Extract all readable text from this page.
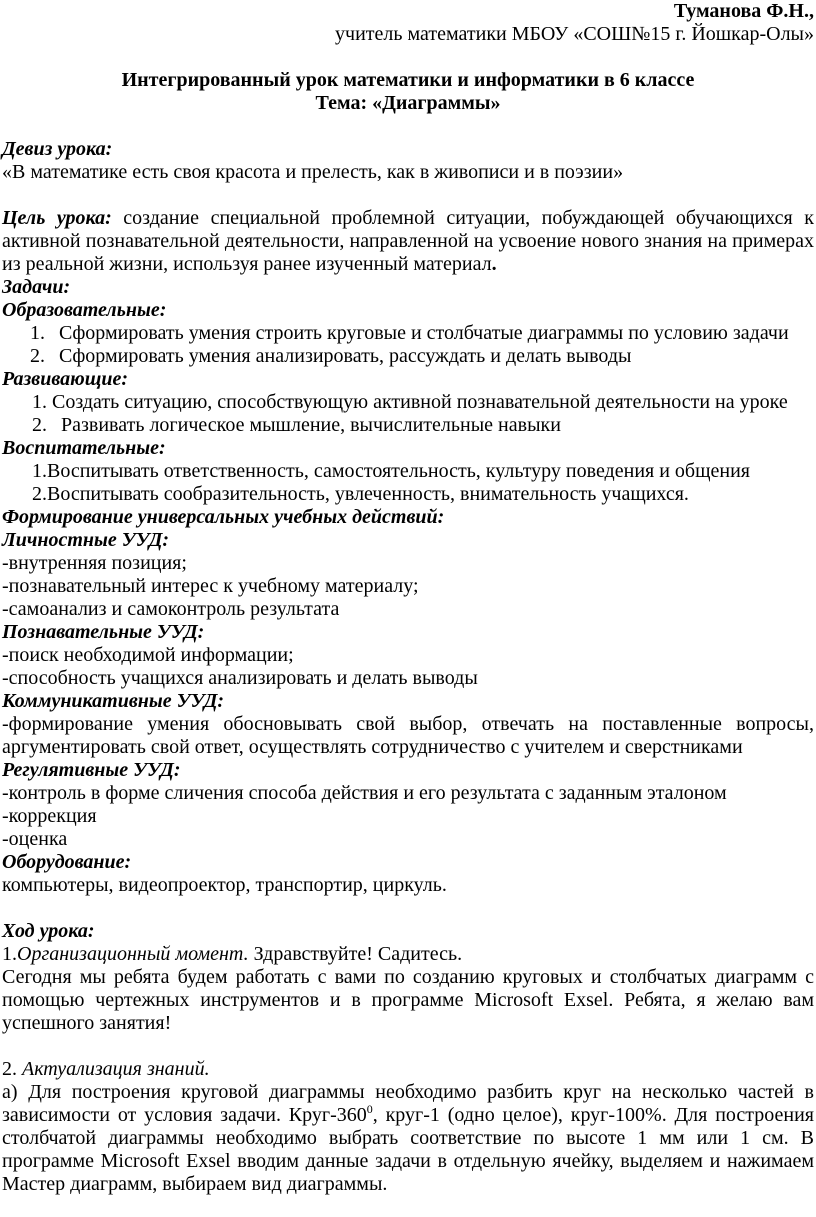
Туманова Ф.Н.,

учитель математики МБОУ «СОШ№15 г. Йошкар-Олы»

Интегрированный урок математики и информатики в 6 классе

Тема: «Диаграммы»

Девиз урока:

«В математике есть своя красота и прелесть, как в живописи и в поэзии»

Цель урока: создание специальной проблемной ситуации, побуждающей обучающихся к активной познавательной деятельности, направленной на усвоение нового знания на примерах из реальной жизни, используя ранее изученный материал.

Задачи:

Образовательные:

1. Сформировать умения строить круговые и столбчатые диаграммы по условию задачи
2. Сформировать умения анализировать, рассуждать и делать выводы

Развивающие:

1. Создать ситуацию, способствующую активной познавательной деятельности на уроке
2. Развивать логическое мышление, вычислительные навыки

Воспитательные:

1.Воспитывать ответственность, самостоятельность, культуру поведения и общения
2.Воспитывать сообразительность, увлеченность, внимательность учащихся.

Формирование универсальных учебных действий:

Личностные УУД:

-внутренняя позиция;

-познавательный интерес к учебному материалу;

-самоанализ и самоконтроль результата

Познавательные УУД:

-поиск необходимой информации;

-способность учащихся анализировать и делать выводы

Коммуникативные УУД:

-формирование умения обосновывать свой выбор, отвечать на поставленные вопросы, аргументировать свой ответ, осуществлять сотрудничество с учителем и сверстниками

Регулятивные УУД:

-контроль в форме сличения способа действия и его результата с заданным эталоном

-коррекция

-оценка

Оборудование:

компьютеры, видеопроектор, транспортир, циркуль.

Ход урока:

1.Организационный момент. Здравствуйте! Садитесь.

Сегодня мы ребята будем работать с вами по созданию круговых и столбчатых диаграмм с помощью чертежных инструментов и в программе Microsoft Exsel. Ребята, я желаю вам успешного занятия!

2. Актуализация знаний.

а) Для построения круговой диаграммы необходимо разбить круг на несколько частей в зависимости от условия задачи. Круг-$360^0$, круг-1 (одно целое), круг-100%. Для построения столбчатой диаграммы необходимо выбрать соответствие по высоте 1 мм или 1 см. В программе Microsoft Exsel вводим данные задачи в отдельную ячейку, выделяем и нажимаем Мастер диаграмм, выбираем вид диаграммы.
